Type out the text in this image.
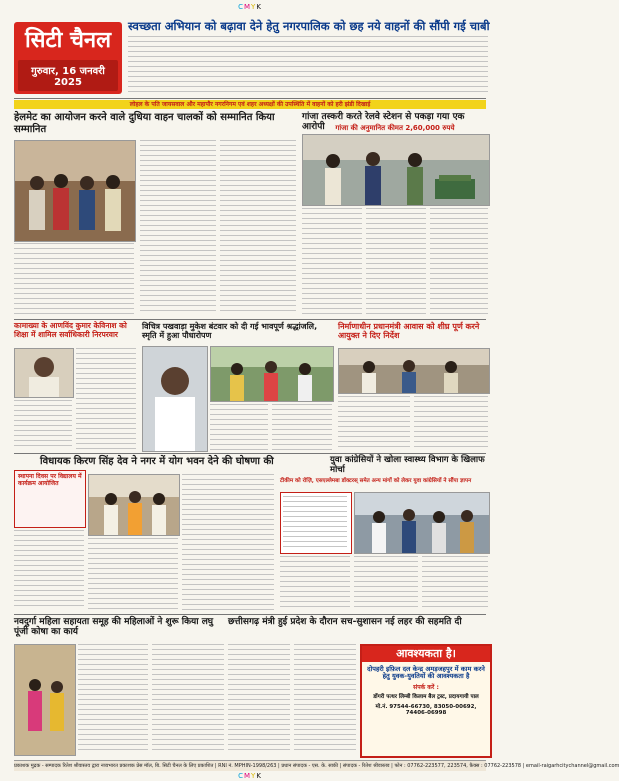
CMYK
सिटी चैनल
गुरुवार, 16 जनवरी 2025
स्वच्छता अभियान को बढ़ावा देने हेतु नगरपालिक को छह नये वाहनों की सौंपी गई चाबी
लोहल के पति जायसवाल और महापौर नगरनिगम एवं शहर अध्यक्षों की उपस्थिति में वाहनों को हरी झंडी दिखाई
हेलमेट का आयोजन करने वाले दुधिया वाहन चालकों को सम्मानित किया सम्मानित
गांजा तस्करी करते रेलवे स्टेशन से पकड़ा गया एक आरोपी	गांजा की अनुमानित कीमत 2,60,000 रुपये
कामाख्या के आणविंद कुमार केविनाश को शिक्षा में शामिल सर्वाधिकारी निरपरवार
विचित्र पखवाड़ा मुकेश बंटवार को दी गई भावपूर्ण श्रद्धांजलि, स्मृति में हुआ पौधारोपण
निर्माणाधीन प्रधानमंत्री आवास को शीघ्र पूर्ण करने आयुक्त ने दिए निर्देश
विधायक किरण सिंह देव ने नगर में योग भवन देने की घोषणा की	युवा कांग्रेसियों ने खोला स्वास्थ्य विभाग के खिलाफ मोर्चा
टीकीम को रोज़ि, एसएल्लेमबा डॉक्टरस् समेत अन्य मांगों को लेकर युवा कांग्रेसियों ने सौंपा ज्ञापन
स्थापना दिवस पर विद्यालय में कार्यक्रम आयोजित
नवदुर्गा महिला सहायता समूह की महिलाओं ने शुरू किया लघु पूंजी कोषा का कार्य
छत्तीसगढ़ मंत्री हुई प्रदेश के दौरान सच-सुशासन नई लहर की सहमति दी
आवश्यकता है।
दोपहरी इफ़िल दल केन्द्र अमड़जहपुर में काम करने हेतु युवक-युवतियों की आवश्यकता है
संपर्क करें :
डोंगरी पत्थर लिम्बी किलाम बैल ट्रस्ट, प्रदायगायी पाल
मो.नं. 97544-66730, 83050-00692, 74406-06998
प्रकाशक मुद्रक - सम्पादक रितेश श्रीवास्तव द्वारा नव्यभारत प्रकाशक प्रेस मॉल, बि. सिटी चैनल के लिए प्रकाशित | RNI नं. MPHIN-1998/263 | प्रधान संपादक - एस. के. साकी | संपादक - रितेश श्रीवास्तव | फोन : 07762-223577, 223574, फ़ैक्स : 07762-223578 | email-raigarhcitychannel@gmail.com
CMYK
